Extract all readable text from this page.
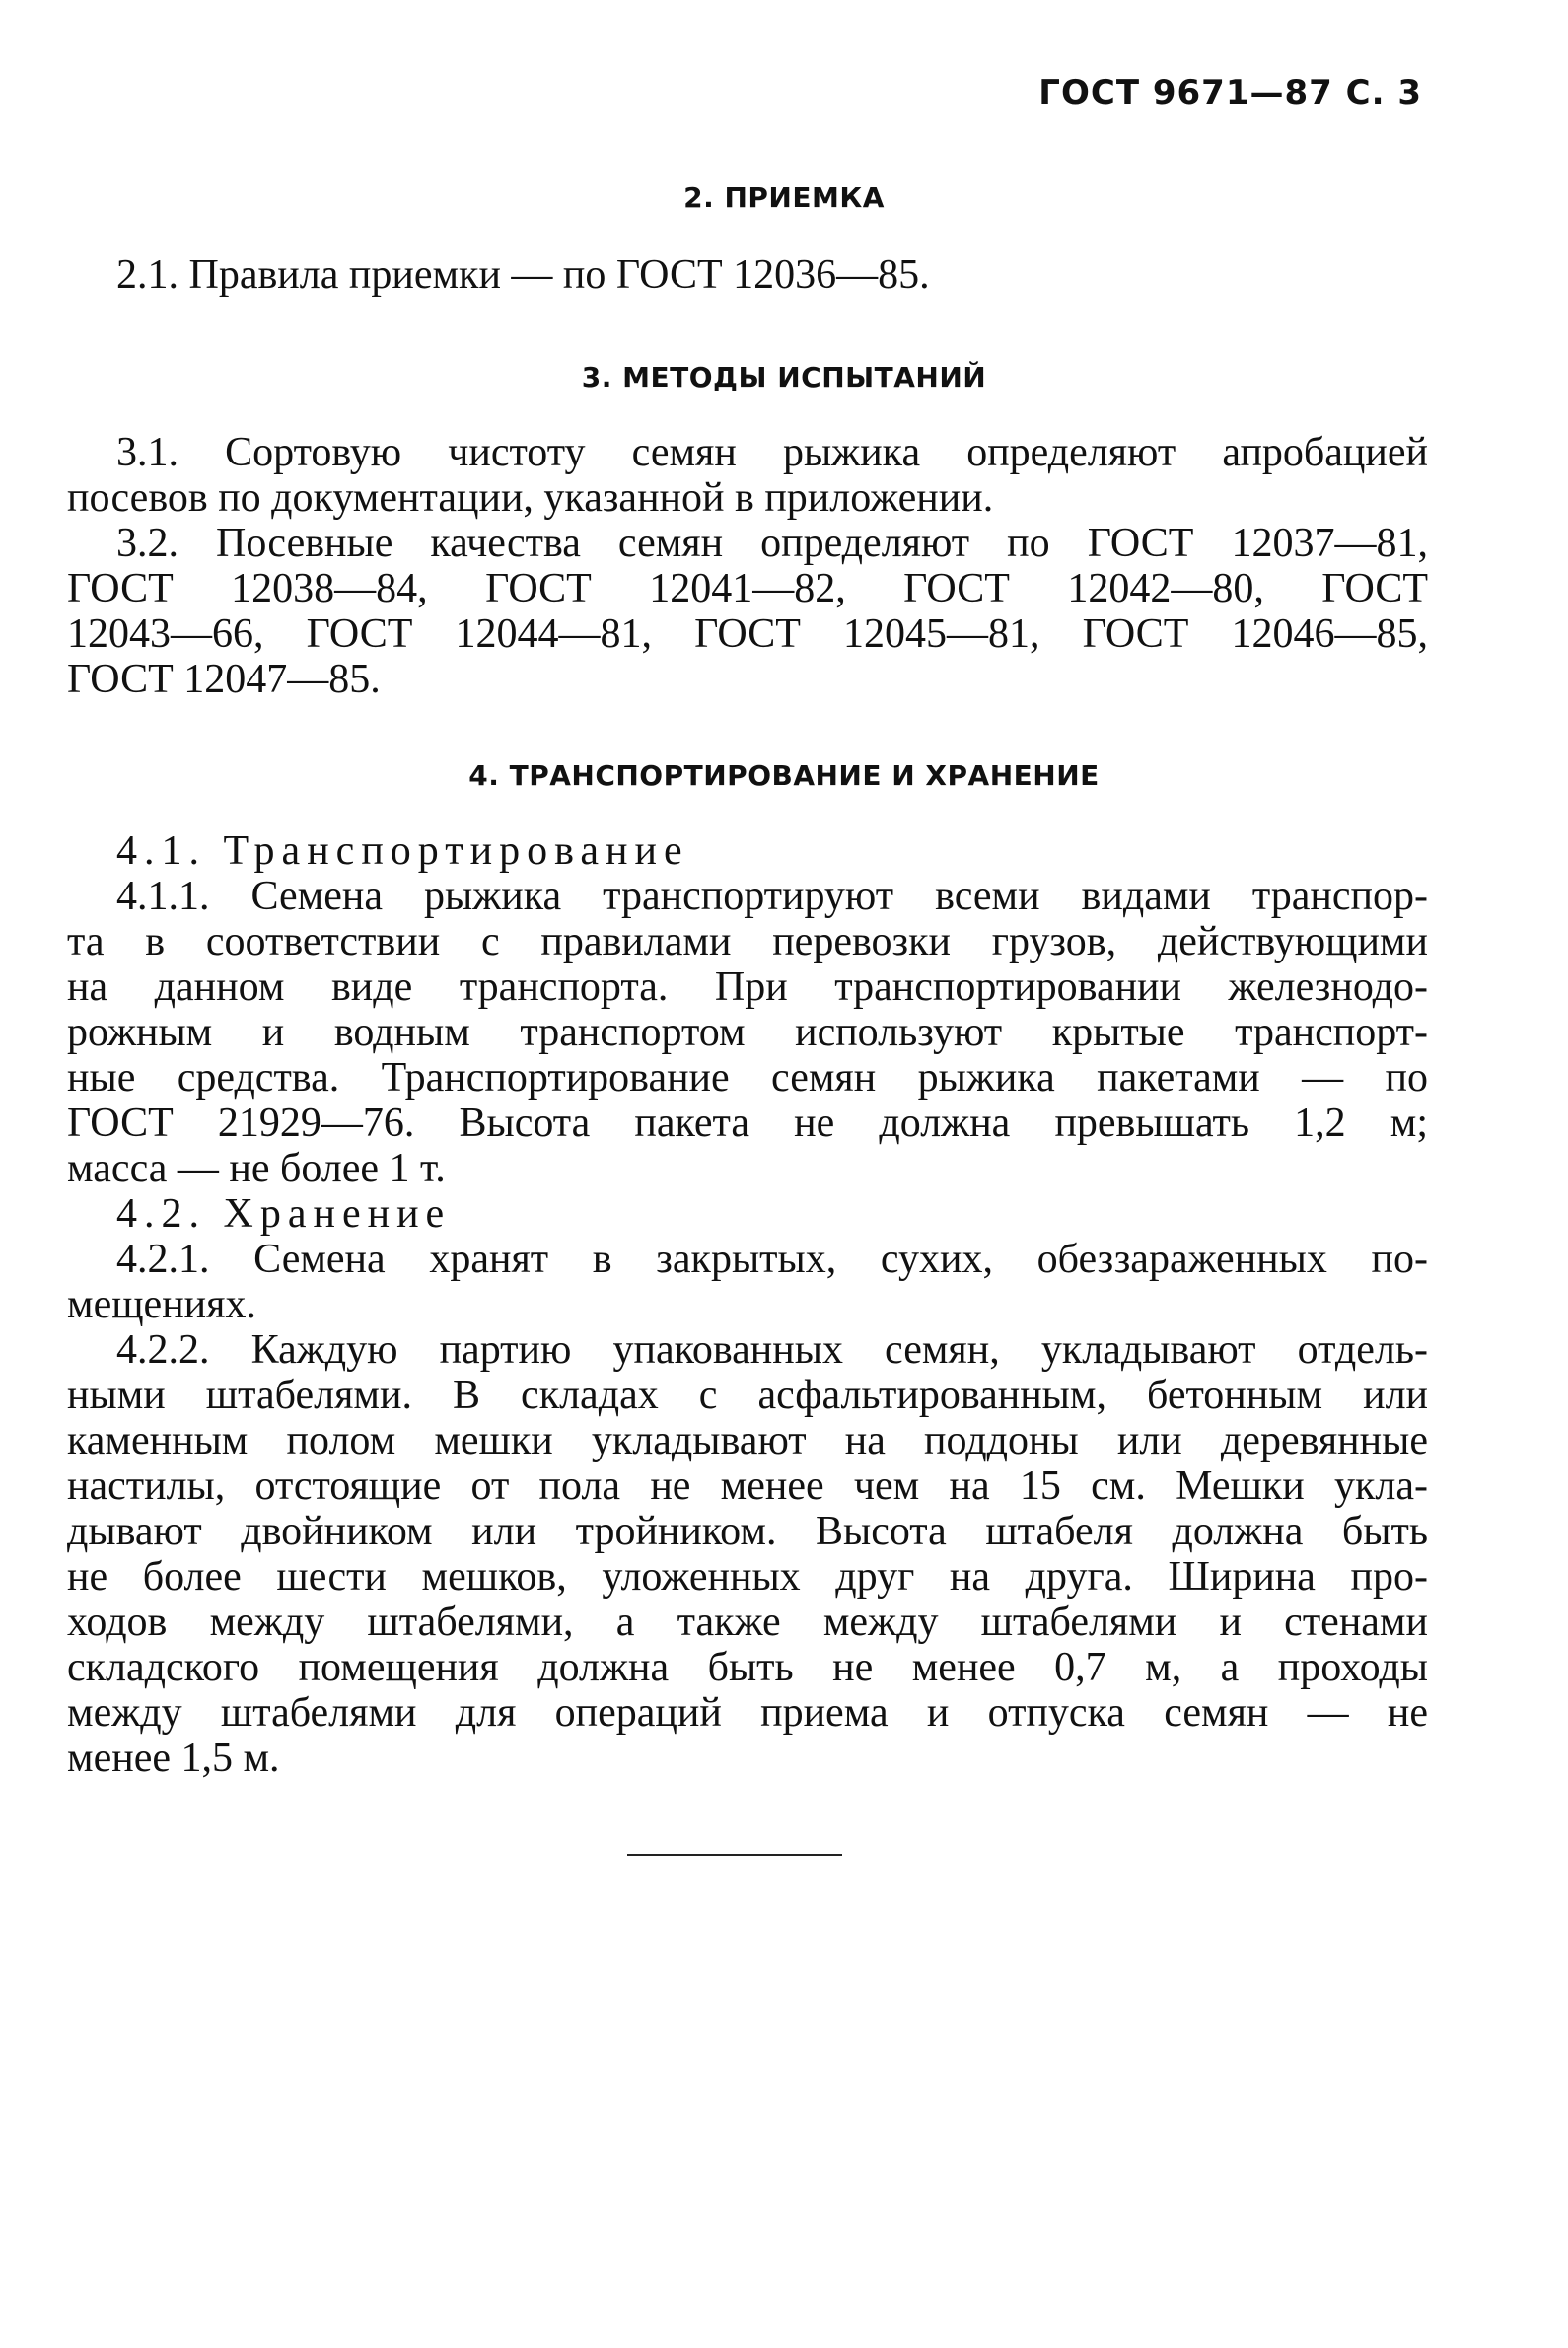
ГОСТ 9671—87 С. 3
2. ПРИЕМКА
2.1. Правила приемки — по ГОСТ 12036—85.
3. МЕТОДЫ ИСПЫТАНИЙ
3.1. Сортовую чистоту семян рыжика определяют апробацией
посевов по документации, указанной в приложении.
3.2. Посевные качества семян определяют по ГОСТ 12037—81,
ГОСТ 12038—84, ГОСТ 12041—82, ГОСТ 12042—80, ГОСТ
12043—66, ГОСТ 12044—81, ГОСТ 12045—81, ГОСТ 12046—85,
ГОСТ 12047—85.
4. ТРАНСПОРТИРОВАНИЕ И ХРАНЕНИЕ
4.1. Транспортирование
4.1.1. Семена рыжика транспортируют всеми видами транспор-
та в соответствии с правилами перевозки грузов, действующими
на данном виде транспорта. При транспортировании железнодо-
рожным и водным транспортом используют крытые транспорт-
ные средства. Транспортирование семян рыжика пакетами — по
ГОСТ 21929—76. Высота пакета не должна превышать 1,2 м;
масса — не более 1 т.
4.2. Хранение
4.2.1. Семена хранят в закрытых, сухих, обеззараженных по-
мещениях.
4.2.2. Каждую партию упакованных семян, укладывают отдель-
ными штабелями. В складах с асфальтированным, бетонным или
каменным полом мешки укладывают на поддоны или деревянные
настилы, отстоящие от пола не менее чем на 15 см. Мешки укла-
дывают двойником или тройником. Высота штабеля должна быть
не более шести мешков, уложенных друг на друга. Ширина про-
ходов между штабелями, а также между штабелями и стенами
складского помещения должна быть не менее 0,7 м, а проходы
между штабелями для операций приема и отпуска семян — не
менее 1,5 м.
